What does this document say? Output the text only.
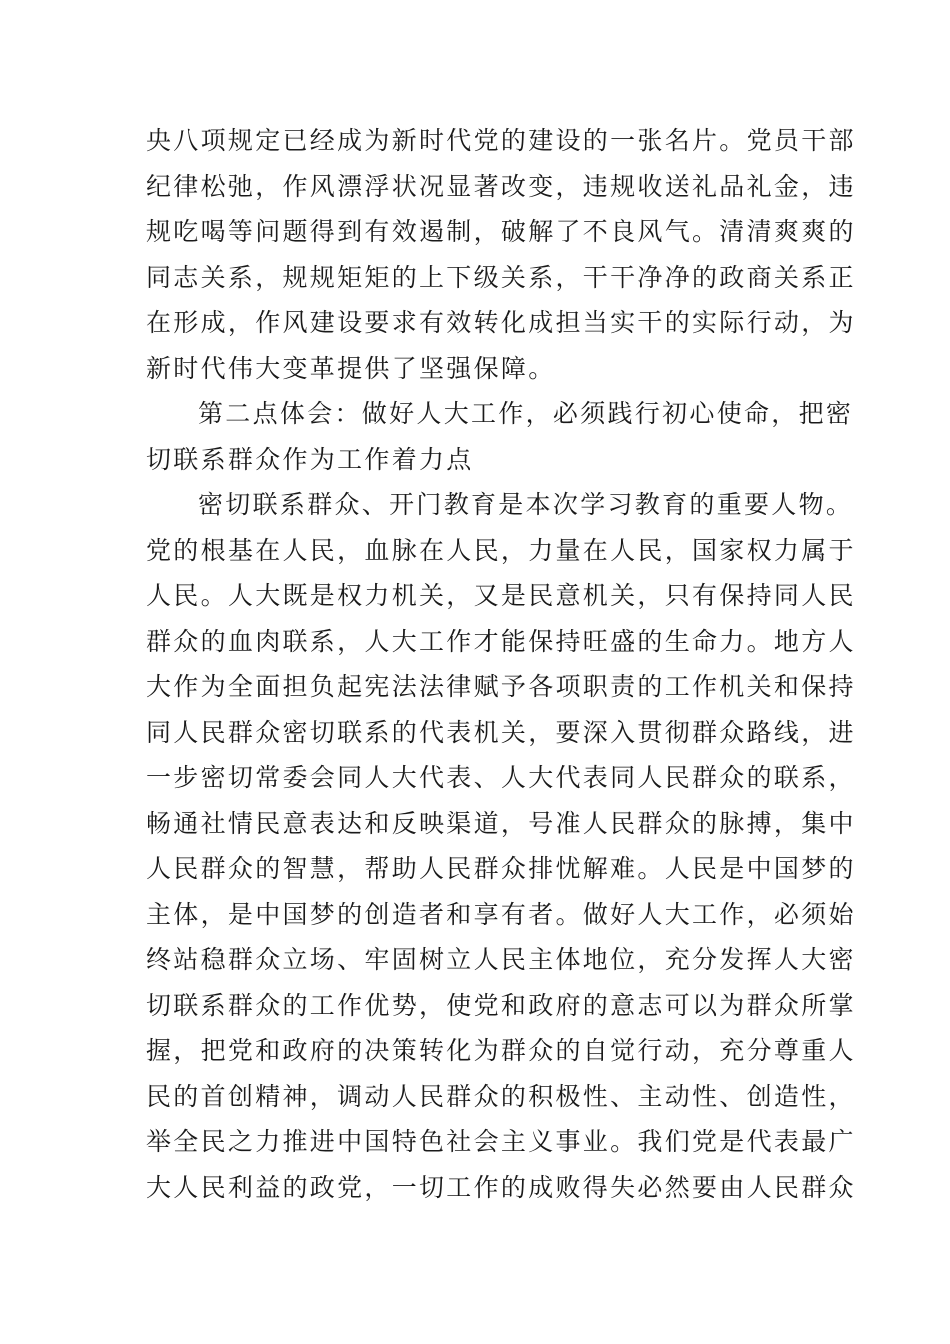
央八项规定已经成为新时代党的建设的一张名片。党员干部
纪律松弛，作风漂浮状况显著改变，违规收送礼品礼金，违
规吃喝等问题得到有效遏制，破解了不良风气。清清爽爽的
同志关系，规规矩矩的上下级关系，干干净净的政商关系正
在形成，作风建设要求有效转化成担当实干的实际行动，为
新时代伟大变革提供了坚强保障。
第二点体会：做好人大工作，必须践行初心使命，把密
切联系群众作为工作着力点
密切联系群众、开门教育是本次学习教育的重要人物。
党的根基在人民，血脉在人民，力量在人民，国家权力属于
人民。人大既是权力机关，又是民意机关，只有保持同人民
群众的血肉联系，人大工作才能保持旺盛的生命力。地方人
大作为全面担负起宪法法律赋予各项职责的工作机关和保持
同人民群众密切联系的代表机关，要深入贯彻群众路线，进
一步密切常委会同人大代表、人大代表同人民群众的联系，
畅通社情民意表达和反映渠道，号准人民群众的脉搏，集中
人民群众的智慧，帮助人民群众排忧解难。人民是中国梦的
主体，是中国梦的创造者和享有者。做好人大工作，必须始
终站稳群众立场、牢固树立人民主体地位，充分发挥人大密
切联系群众的工作优势，使党和政府的意志可以为群众所掌
握，把党和政府的决策转化为群众的自觉行动，充分尊重人
民的首创精神，调动人民群众的积极性、主动性、创造性，
举全民之力推进中国特色社会主义事业。我们党是代表最广
大人民利益的政党，一切工作的成败得失必然要由人民群众
